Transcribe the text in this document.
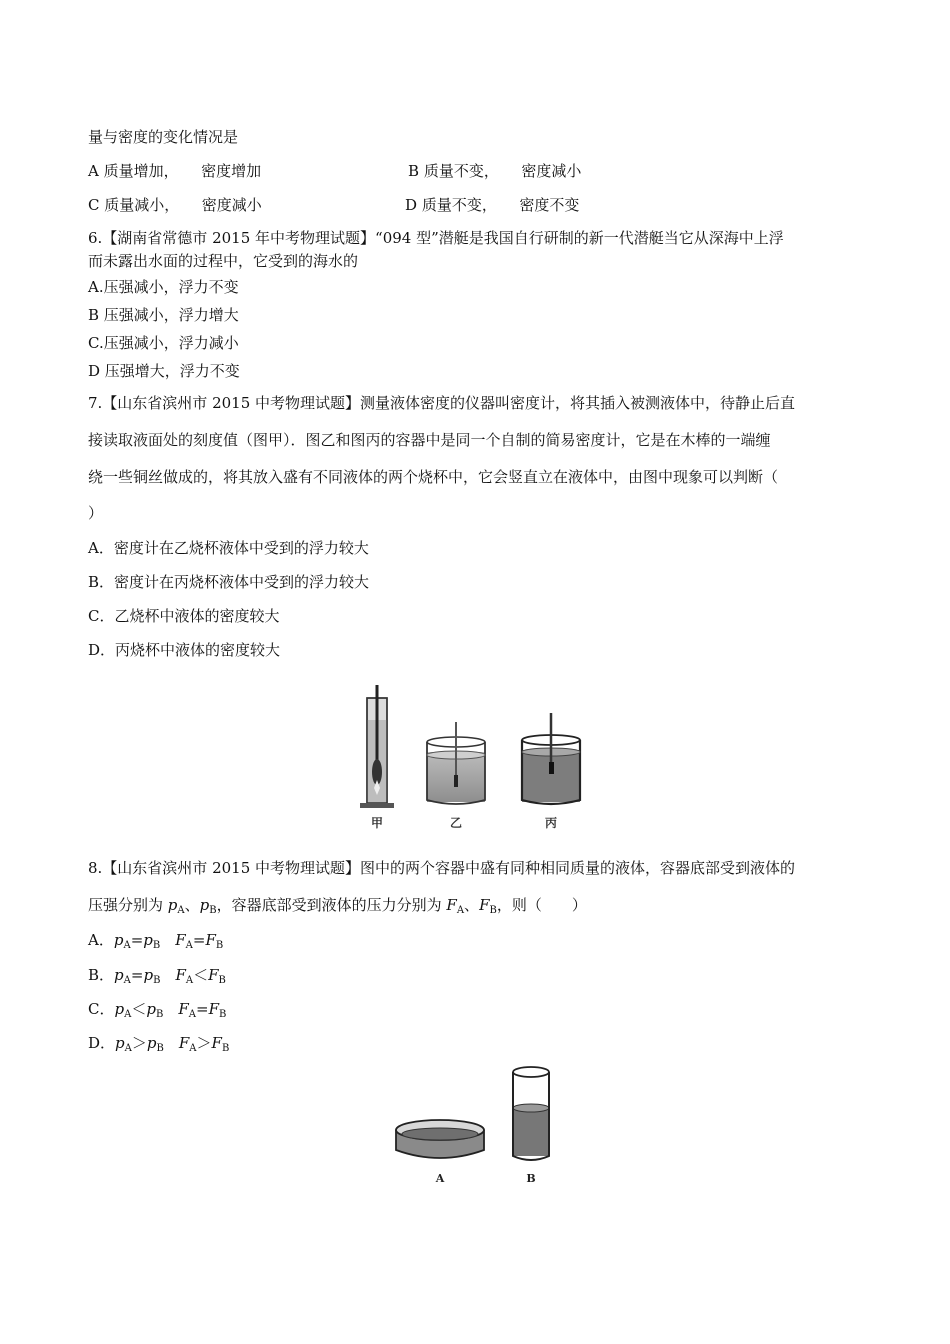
量与密度的变化情况是
A 质量增加，　　密度增加	B 质量不变，　　密度减小
C 质量减小，　　密度减小	D 质量不变，　　密度不变
6.【湖南省常德市 2015 年中考物理试题】“094 型”潜艇是我国自行研制的新一代潜艇当它从深海中上浮
而未露出水面的过程中，它受到的海水的
A.压强减小，浮力不变
B 压强减小，浮力增大
C.压强减小，浮力减小
D 压强增大，浮力不变
7.【山东省滨州市 2015 中考物理试题】测量液体密度的仪器叫密度计，将其插入被测液体中，待静止后直
接读取液面处的刻度值（图甲）．图乙和图丙的容器中是同一个自制的简易密度计，它是在木棒的一端缠
绕一些铜丝做成的，将其放入盛有不同液体的两个烧杯中，它会竖直立在液体中，由图中现象可以判断（
）
A．密度计在乙烧杯液体中受到的浮力较大
B．密度计在丙烧杯液体中受到的浮力较大
C．乙烧杯中液体的密度较大
D．丙烧杯中液体的密度较大
甲	乙	丙
8.【山东省滨州市 2015 中考物理试题】图中的两个容器中盛有同种相同质量的液体，容器底部受到液体的
压强分别为 $p_A$、$p_B$，容器底部受到液体的压力分别为 $F_A$、$F_B$，则（　　）
A．$p_A=p_B$　 $F_A=F_B$
B．$p_A=p_B$　 $F_A<F_B$
C．$p_A<p_B$　 $F_A=F_B$
D．$p_A>p_B$　 $F_A>F_B$
A	B
